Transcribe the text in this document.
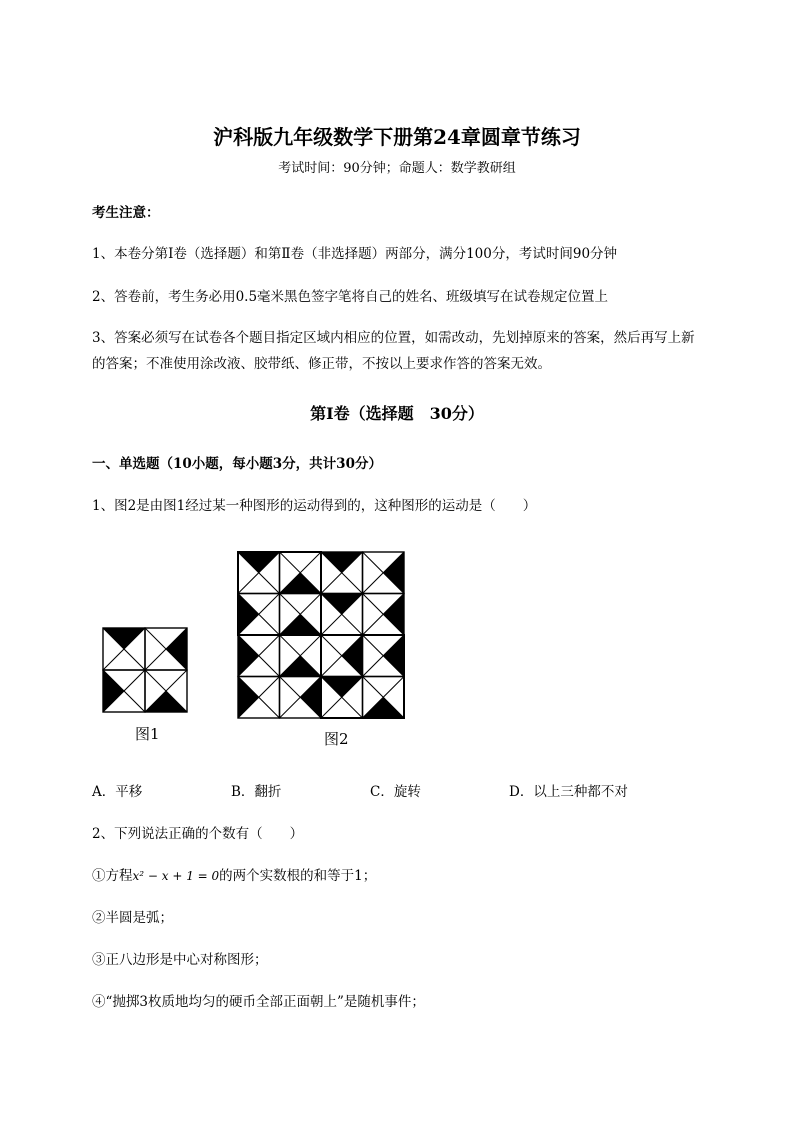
沪科版九年级数学下册第24章圆章节练习
考试时间：90分钟；命题人：数学教研组
考生注意：
1、本卷分第I卷（选择题）和第Ⅱ卷（非选择题）两部分，满分100分，考试时间90分钟
2、答卷前，考生务必用0.5毫米黑色签字笔将自己的姓名、班级填写在试卷规定位置上
3、答案必须写在试卷各个题目指定区域内相应的位置，如需改动，先划掉原来的答案，然后再写上新
的答案；不准使用涂改液、胶带纸、修正带，不按以上要求作答的答案无效。
第I卷（选择题　30分）
一、单选题（10小题，每小题3分，共计30分）
1、图2是由图1经过某一种图形的运动得到的，这种图形的运动是（　　）
图1	图2
A．平移	B．翻折	C．旋转	D．以上三种都不对
2、下列说法正确的个数有（　　）
①方程x² − x + 1 = 0的两个实数根的和等于1；
②半圆是弧；
③正八边形是中心对称图形；
④“抛掷3枚质地均匀的硬币全部正面朝上”是随机事件；
